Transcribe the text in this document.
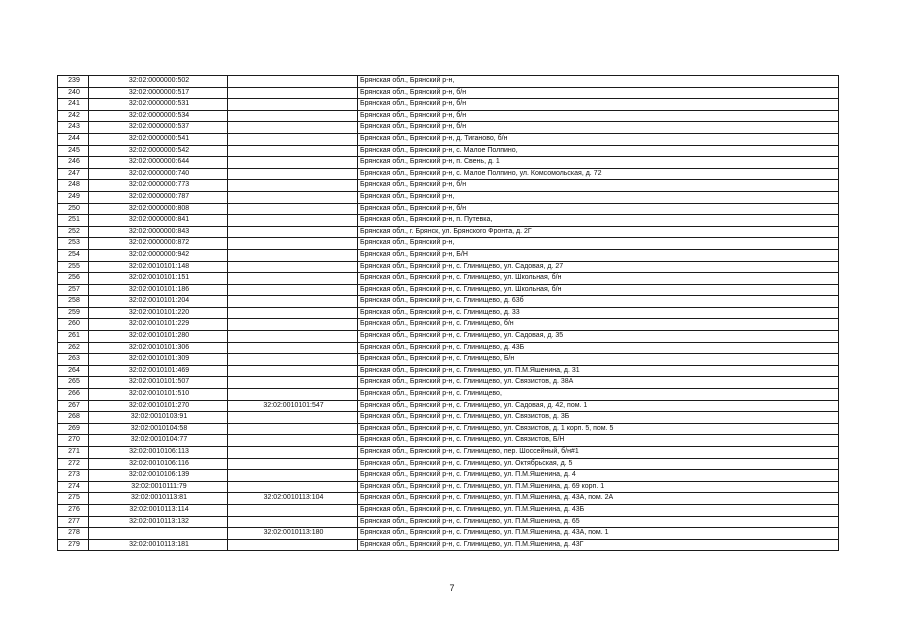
239	32:02:0000000:502		Брянская обл., Брянский р-н,
240	32:02:0000000:517		Брянская обл., Брянский р-н, б/н
241	32:02:0000000:531		Брянская обл., Брянский р-н, б/н
242	32:02:0000000:534		Брянская обл., Брянский р-н, б/н
243	32:02:0000000:537		Брянская обл., Брянский р-н, б/н
244	32:02:0000000:541		Брянская обл., Брянский р-н, д. Тиганово, б/н
245	32:02:0000000:542		Брянская обл., Брянский р-н, с. Малое Полпино,
246	32:02:0000000:644		Брянская обл., Брянский р-н, п. Свень, д. 1
247	32:02:0000000:740		Брянская обл., Брянский р-н, с. Малое Полпино, ул. Комсомольская, д. 72
248	32:02:0000000:773		Брянская обл., Брянский р-н, б/н
249	32:02:0000000:787		Брянская обл., Брянский р-н,
250	32:02:0000000:808		Брянская обл., Брянский р-н, б/н
251	32:02:0000000:841		Брянская обл., Брянский р-н, п. Путевка,
252	32:02:0000000:843		Брянская обл., г. Брянск, ул. Брянского Фронта, д. 2Г
253	32:02:0000000:872		Брянская обл., Брянский р-н,
254	32:02:0000000:942		Брянская обл., Брянский р-н, Б/Н
255	32:02:0010101:148		Брянская обл., Брянский р-н, с. Глинищево, ул. Садовая, д. 27
256	32:02:0010101:151		Брянская обл., Брянский р-н, с. Глинищево, ул. Школьная, б/н
257	32:02:0010101:186		Брянская обл., Брянский р-н, с. Глинищево, ул. Школьная, б/н
258	32:02:0010101:204		Брянская обл., Брянский р-н, с. Глинищево, д. 63б
259	32:02:0010101:220		Брянская обл., Брянский р-н, с. Глинищево, д. 33
260	32:02:0010101:229		Брянская обл., Брянский р-н, с. Глинищево, б/н
261	32:02:0010101:280		Брянская обл., Брянский р-н, с. Глинищево, ул. Садовая, д. 35
262	32:02:0010101:306		Брянская обл., Брянский р-н, с. Глинищево, д. 43Б
263	32:02:0010101:309		Брянская обл., Брянский р-н, с. Глинищево, Б/н
264	32:02:0010101:469		Брянская обл., Брянский р-н, с. Глинищево, ул. П.М.Яшенина, д. 31
265	32:02:0010101:507		Брянская обл., Брянский р-н, с. Глинищево, ул. Связистов, д. 38А
266	32:02:0010101:510		Брянская обл., Брянский р-н, с. Глинищево,
267	32:02:0010101:270	32:02:0010101:547	Брянская обл., Брянский р-н, с. Глинищево, ул. Садовая, д. 42, пом. 1
268	32:02:0010103:91		Брянская обл., Брянский р-н, с. Глинищево, ул. Связистов, д. 3Б
269	32:02:0010104:58		Брянская обл., Брянский р-н, с. Глинищево, ул. Связистов, д. 1 корп. 5, пом. 5
270	32:02:0010104:77		Брянская обл., Брянский р-н, с. Глинищево, ул. Связистов, Б/Н
271	32:02:0010106:113		Брянская обл., Брянский р-н, с. Глинищево, пер. Шоссейный, б/н#1
272	32:02:0010106:116		Брянская обл., Брянский р-н, с. Глинищево, ул. Октябрьская, д. 5
273	32:02:0010106:139		Брянская обл., Брянский р-н, с. Глинищево, ул. П.М.Яшенина, д. 4
274	32:02:0010111:79		Брянская обл., Брянский р-н, с. Глинищево, ул. П.М.Яшенина, д. 69 корп. 1
275	32:02:0010113:81	32:02:0010113:104	Брянская обл., Брянский р-н, с. Глинищево, ул. П.М.Яшенина, д. 43А, пом. 2А
276	32:02:0010113:114		Брянская обл., Брянский р-н, с. Глинищево, ул. П.М.Яшенина, д. 43Б
277	32:02:0010113:132		Брянская обл., Брянский р-н, с. Глинищево, ул. П.М.Яшенина, д. 65
278		32:02:0010113:180	Брянская обл., Брянский р-н, с. Глинищево, ул. П.М.Яшенина, д. 43А, пом. 1
279	32:02:0010113:181		Брянская обл., Брянский р-н, с. Глинищево, ул. П.М.Яшенина, д. 43Г
7
